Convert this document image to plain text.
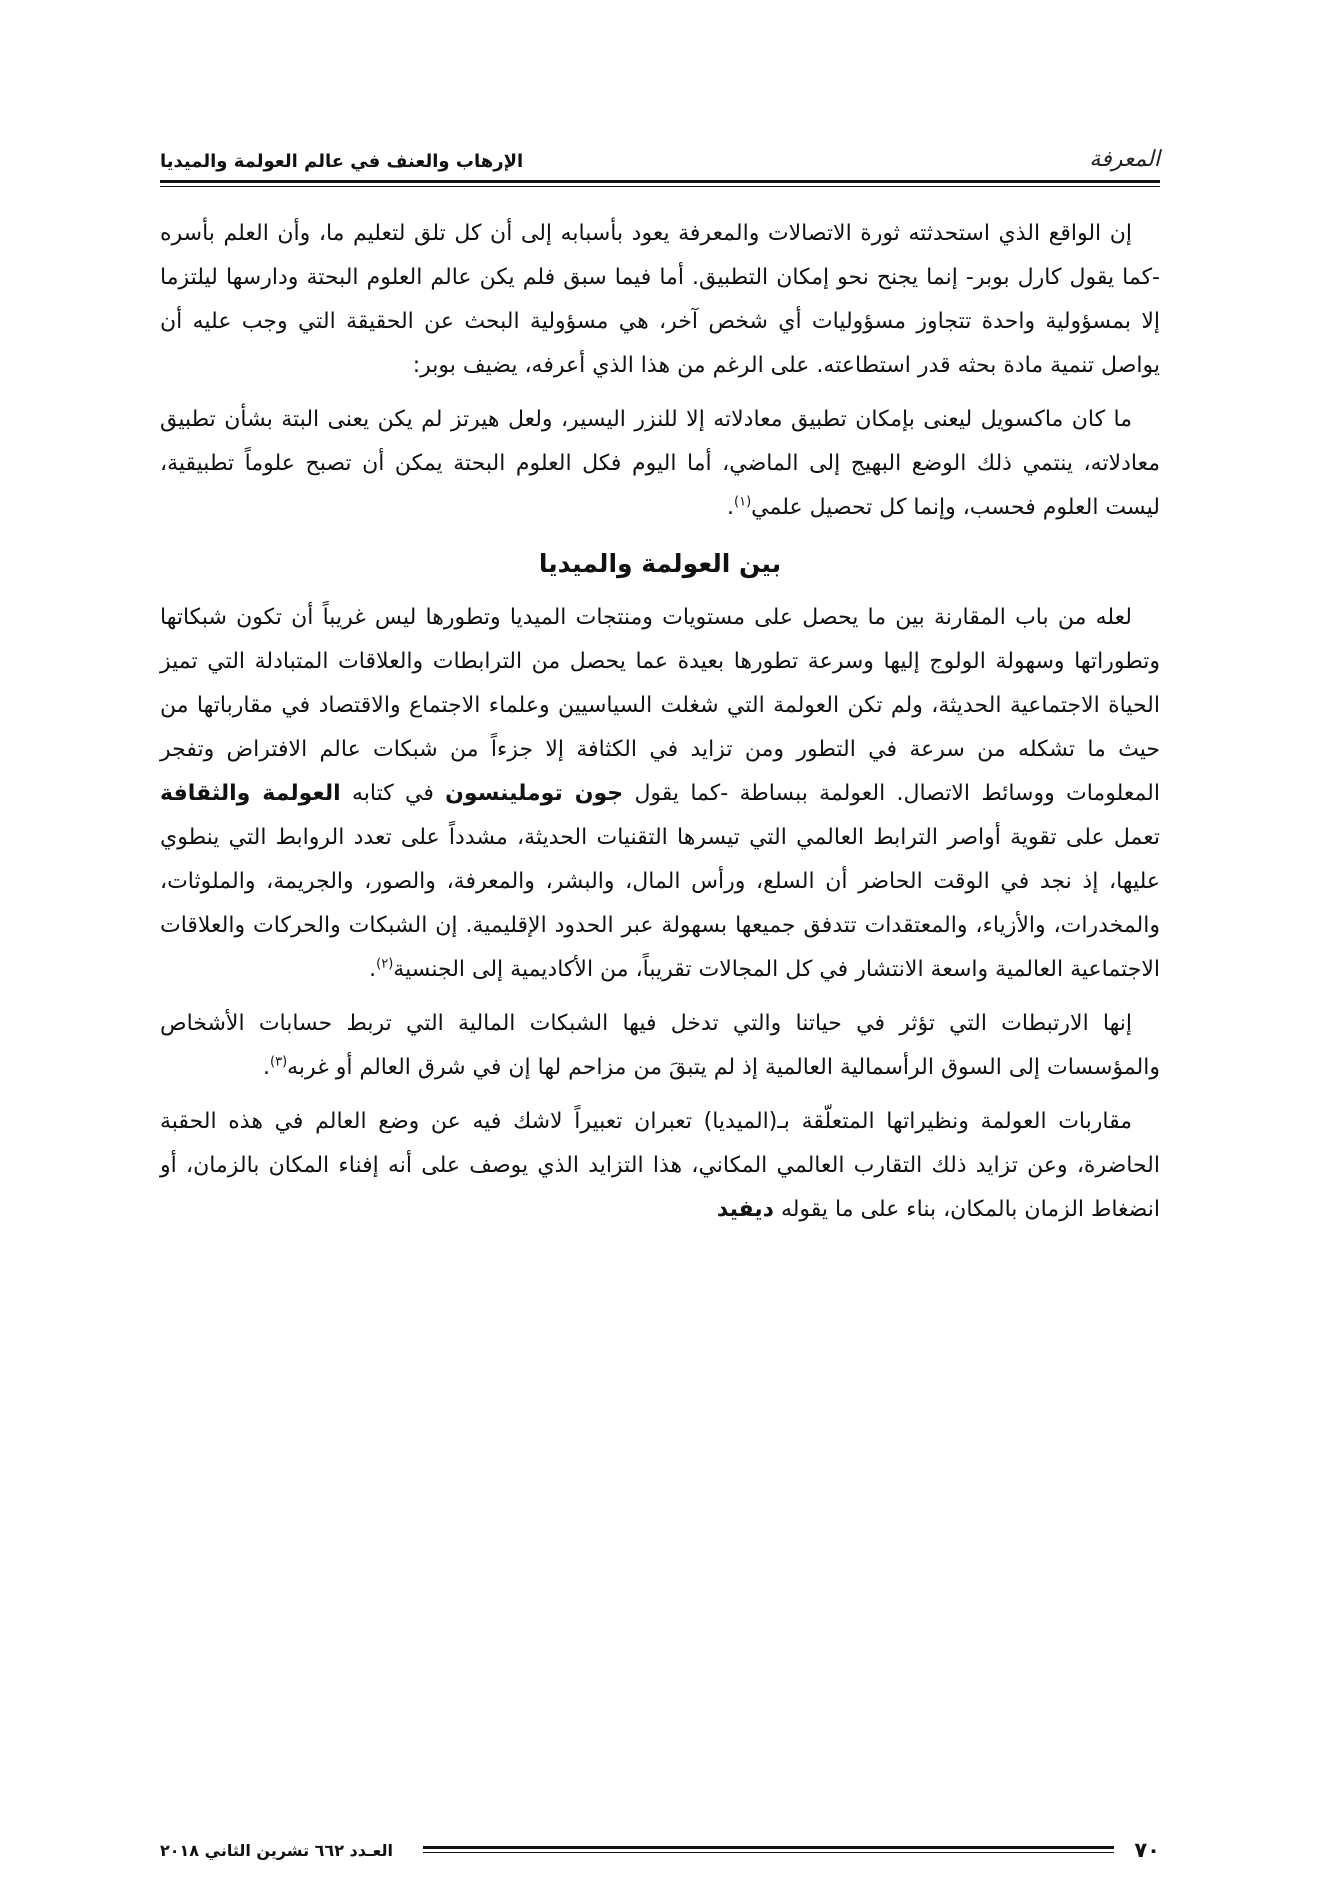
المعرفة
الإرهاب والعنف في عالم العولمة والميديا

إن الواقع الذي استحدثته ثورة الاتصالات والمعرفة يعود بأسبابه إلى أن كل تلق لتعليم ما، وأن العلم بأسره -كما يقول كارل بوبر- إنما يجنح نحو إمكان التطبيق. أما فيما سبق فلم يكن عالم العلوم البحتة ودارسها ليلتزما إلا بمسؤولية واحدة تتجاوز مسؤوليات أي شخص آخر، هي مسؤولية البحث عن الحقيقة التي وجب عليه أن يواصل تنمية مادة بحثه قدر استطاعته. على الرغم من هذا الذي أعرفه، يضيف بوبر:

ما كان ماكسويل ليعنى بإمكان تطبيق معادلاته إلا للنزر اليسير، ولعل هيرتز لم يكن يعنى البتة بشأن تطبيق معادلاته، ينتمي ذلك الوضع البهيج إلى الماضي، أما اليوم فكل العلوم البحتة يمكن أن تصبح علوماً تطبيقية، ليست العلوم فحسب، وإنما كل تحصيل علمي$^{(١)}$.

بين العولمة والميديا

لعله من باب المقارنة بين ما يحصل على مستويات ومنتجات الميديا وتطورها ليس غريباً أن تكون شبكاتها وتطوراتها وسهولة الولوج إليها وسرعة تطورها بعيدة عما يحصل من الترابطات والعلاقات المتبادلة التي تميز الحياة الاجتماعية الحديثة، ولم تكن العولمة التي شغلت السياسيين وعلماء الاجتماع والاقتصاد في مقارباتها من حيث ما تشكله من سرعة في التطور ومن تزايد في الكثافة إلا جزءاً من شبكات عالم الافتراض وتفجر المعلومات ووسائط الاتصال. العولمة ببساطة -كما يقول جون توملينسون في كتابه العولمة والثقافة تعمل على تقوية أواصر الترابط العالمي التي تيسرها التقنيات الحديثة، مشدداً على تعدد الروابط التي ينطوي عليها، إذ نجد في الوقت الحاضر أن السلع، ورأس المال، والبشر، والمعرفة، والصور، والجريمة، والملوثات، والمخدرات، والأزياء، والمعتقدات تتدفق جميعها بسهولة عبر الحدود الإقليمية. إن الشبكات والحركات والعلاقات الاجتماعية العالمية واسعة الانتشار في كل المجالات تقريباً، من الأكاديمية إلى الجنسية$^{(٢)}$.

إنها الارتبطات التي تؤثر في حياتنا والتي تدخل فيها الشبكات المالية التي تربط حسابات الأشخاص والمؤسسات إلى السوق الرأسمالية العالمية إذ لم يتبقَ من مزاحم لها إن في شرق العالم أو غربه$^{(٣)}$.

مقاربات العولمة ونظيراتها المتعلّقة بـ(الميديا) تعبران تعبيراً لاشك فيه عن وضع العالم في هذه الحقبة الحاضرة، وعن تزايد ذلك التقارب العالمي المكاني، هذا التزايد الذي يوصف على أنه إفناء المكان بالزمان، أو انضغاط الزمان بالمكان، بناء على ما يقوله ديفيد

٧٠
العـدد ٦٦٢ تشرين الثاني ٢٠١٨
